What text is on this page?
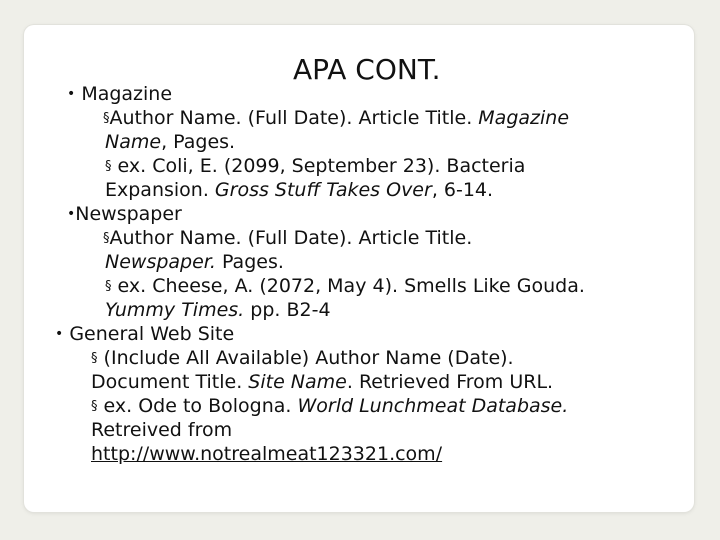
APA CONT.
• Magazine
§Author Name. (Full Date). Article Title. Magazine
Name, Pages.
§ ex. Coli, E. (2099, September 23). Bacteria
Expansion. Gross Stuff Takes Over, 6-14.
•Newspaper
§Author Name. (Full Date). Article Title.
Newspaper. Pages.
§ ex. Cheese, A. (2072, May 4). Smells Like Gouda.
Yummy Times. pp. B2-4
• General Web Site
§ (Include All Available) Author Name (Date).
Document Title. Site Name. Retrieved From URL.
§ ex. Ode to Bologna. World Lunchmeat Database.
Retreived from
http://www.notrealmeat123321.com/
